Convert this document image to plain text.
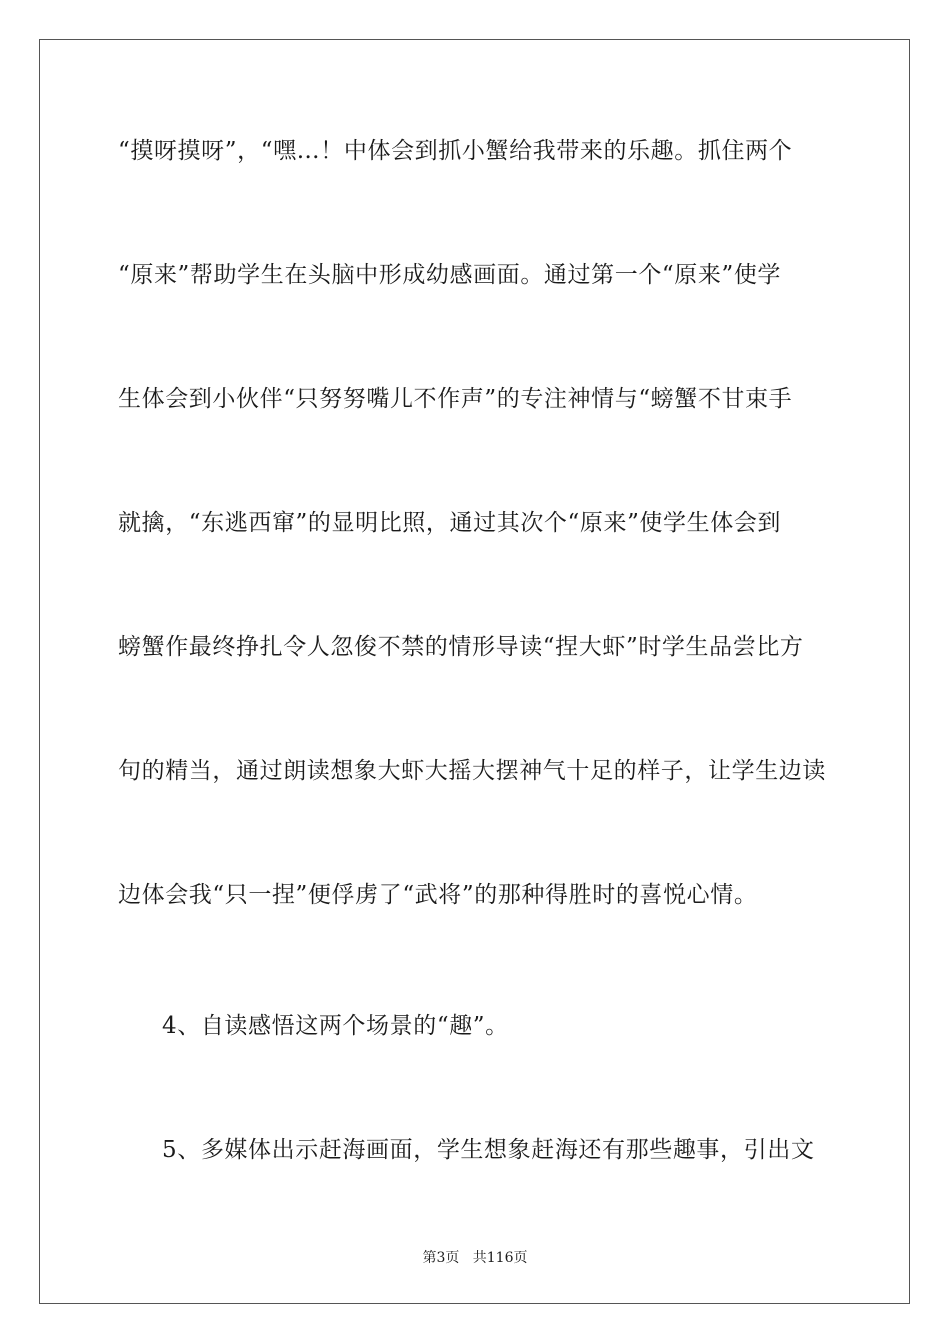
“摸呀摸呀”，“嘿…！中体会到抓小蟹给我带来的乐趣。抓住两个
“原来”帮助学生在头脑中形成幼感画面。通过第一个“原来”使学
生体会到小伙伴“只努努嘴儿不作声”的专注神情与“螃蟹不甘束手
就擒，“东逃西窜”的显明比照，通过其次个“原来”使学生体会到
螃蟹作最终挣扎令人忽俊不禁的情形导读“捏大虾”时学生品尝比方
句的精当，通过朗读想象大虾大摇大摆神气十足的样子，让学生边读
边体会我“只一捏”便俘虏了“武将”的那种得胜时的喜悦心情。
4、自读感悟这两个场景的“趣”。
5、多媒体出示赶海画面，学生想象赶海还有那些趣事，引出文
第3页   共116页
